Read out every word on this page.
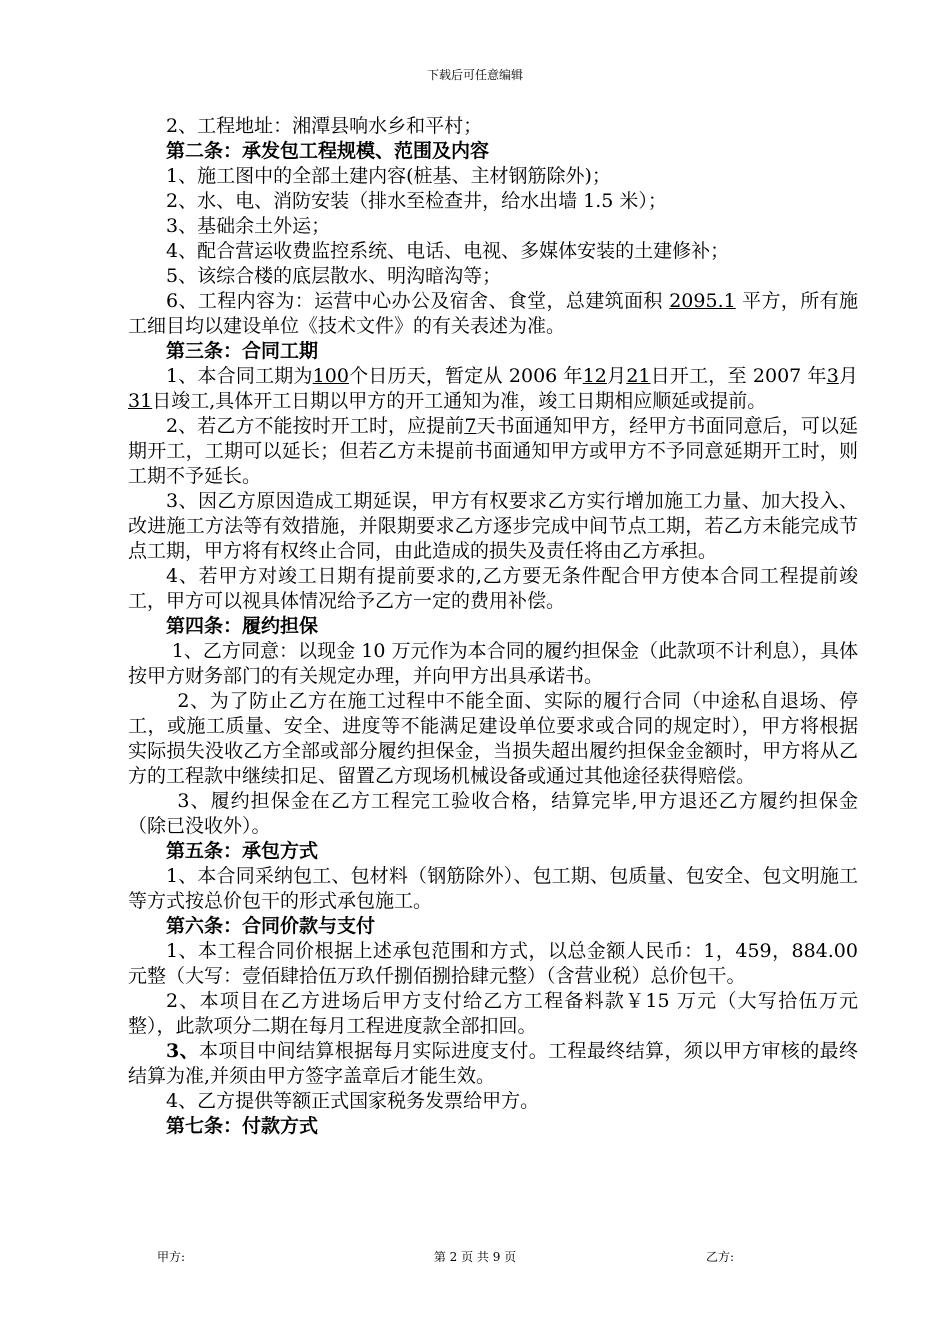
下载后可任意编辑

2、工程地址：湘潭县响水乡和平村；

第二条：承发包工程规模、范围及内容

1、施工图中的全部土建内容(桩基、主材钢筋除外)；

2、水、电、消防安装（排水至检查井，给水出墙 1.5 米）；

3、基础余土外运；

4、配合营运收费监控系统、电话、电视、多媒体安装的土建修补；

5、该综合楼的底层散水、明沟暗沟等；

6、工程内容为：运营中心办公及宿舍、食堂，总建筑面积 2095.1 平方，所有施工细目均以建设单位《技术文件》的有关表述为准。

第三条：合同工期

1、本合同工期为100个日历天，暂定从 2006 年12月21日开工，至 2007 年3月31日竣工,具体开工日期以甲方的开工通知为准，竣工日期相应顺延或提前。

2、若乙方不能按时开工时，应提前7天书面通知甲方，经甲方书面同意后，可以延期开工，工期可以延长；但若乙方未提前书面通知甲方或甲方不予同意延期开工时，则工期不予延长。

3、因乙方原因造成工期延误，甲方有权要求乙方实行增加施工力量、加大投入、改进施工方法等有效措施，并限期要求乙方逐步完成中间节点工期，若乙方未能完成节点工期，甲方将有权终止合同，由此造成的损失及责任将由乙方承担。

4、若甲方对竣工日期有提前要求的,乙方要无条件配合甲方使本合同工程提前竣工，甲方可以视具体情况给予乙方一定的费用补偿。

第四条：履约担保

1、乙方同意：以现金 10 万元作为本合同的履约担保金（此款项不计利息），具体按甲方财务部门的有关规定办理，并向甲方出具承诺书。

2、为了防止乙方在施工过程中不能全面、实际的履行合同（中途私自退场、停工，或施工质量、安全、进度等不能满足建设单位要求或合同的规定时），甲方将根据实际损失没收乙方全部或部分履约担保金，当损失超出履约担保金金额时，甲方将从乙方的工程款中继续扣足、留置乙方现场机械设备或通过其他途径获得赔偿。

3、履约担保金在乙方工程完工验收合格，结算完毕,甲方退还乙方履约担保金（除已没收外）。

第五条：承包方式

1、本合同采纳包工、包材料（钢筋除外）、包工期、包质量、包安全、包文明施工等方式按总价包干的形式承包施工。

第六条：合同价款与支付

1、本工程合同价根据上述承包范围和方式，以总金额人民币：1，459，884.00 元整（大写：壹佰肆拾伍万玖仟捌佰捌拾肆元整）（含营业税）总价包干。

2、本项目在乙方进场后甲方支付给乙方工程备料款￥15 万元（大写拾伍万元整），此款项分二期在每月工程进度款全部扣回。

3、本项目中间结算根据每月实际进度支付。工程最终结算，须以甲方审核的最终结算为准,并须由甲方签字盖章后才能生效。

4、乙方提供等额正式国家税务发票给甲方。

第七条：付款方式

甲方:	第 2 页 共 9 页	乙方:
